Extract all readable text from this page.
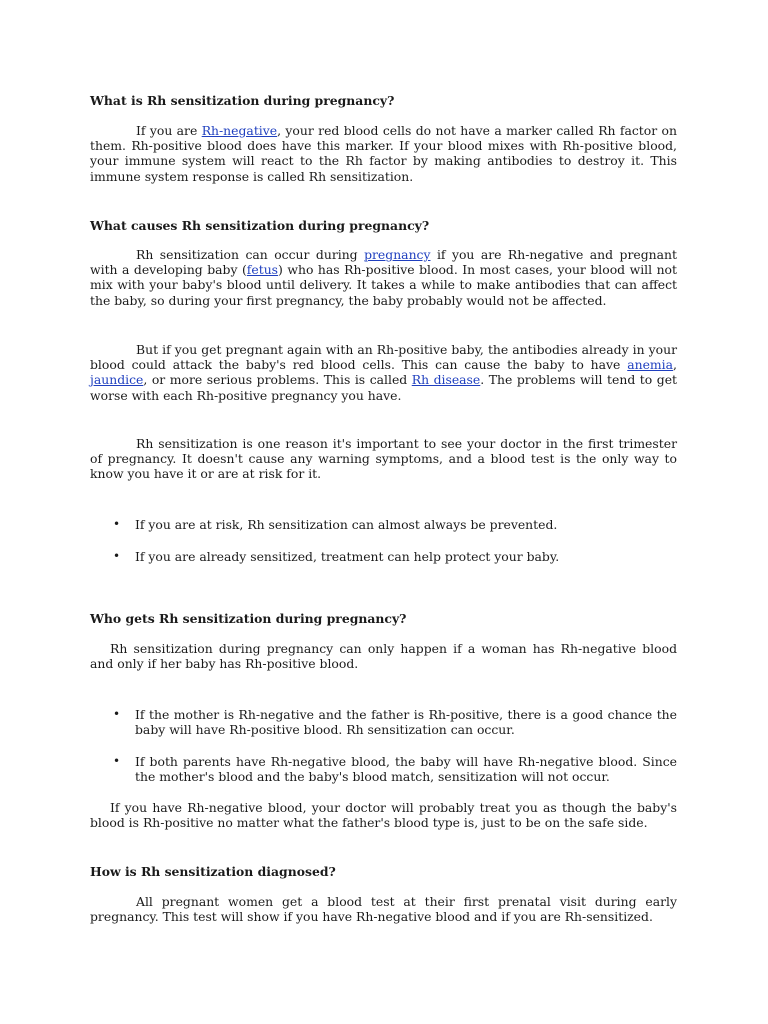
What is Rh sensitization during pregnancy?

If you are Rh-negative, your red blood cells do not have a marker called Rh factor on them. Rh-positive blood does have this marker. If your blood mixes with Rh-positive blood, your immune system will react to the Rh factor by making antibodies to destroy it. This immune system response is called Rh sensitization.

What causes Rh sensitization during pregnancy?

Rh sensitization can occur during pregnancy if you are Rh-negative and pregnant with a developing baby (fetus) who has Rh-positive blood. In most cases, your blood will not mix with your baby's blood until delivery. It takes a while to make antibodies that can affect the baby, so during your first pregnancy, the baby probably would not be affected.

But if you get pregnant again with an Rh-positive baby, the antibodies already in your blood could attack the baby's red blood cells. This can cause the baby to have anemia, jaundice, or more serious problems. This is called Rh disease. The problems will tend to get worse with each Rh-positive pregnancy you have.

Rh sensitization is one reason it's important to see your doctor in the first trimester of pregnancy. It doesn't cause any warning symptoms, and a blood test is the only way to know you have it or are at risk for it.

• If you are at risk, Rh sensitization can almost always be prevented.
• If you are already sensitized, treatment can help protect your baby.
Who gets Rh sensitization during pregnancy?

Rh sensitization during pregnancy can only happen if a woman has Rh-negative blood and only if her baby has Rh-positive blood.

• If the mother is Rh-negative and the father is Rh-positive, there is a good chance the baby will have Rh-positive blood. Rh sensitization can occur.
• If both parents have Rh-negative blood, the baby will have Rh-negative blood. Since the mother's blood and the baby's blood match, sensitization will not occur.

If you have Rh-negative blood, your doctor will probably treat you as though the baby's blood is Rh-positive no matter what the father's blood type is, just to be on the safe side.

How is Rh sensitization diagnosed?

All pregnant women get a blood test at their first prenatal visit during early pregnancy. This test will show if you have Rh-negative blood and if you are Rh-sensitized.
